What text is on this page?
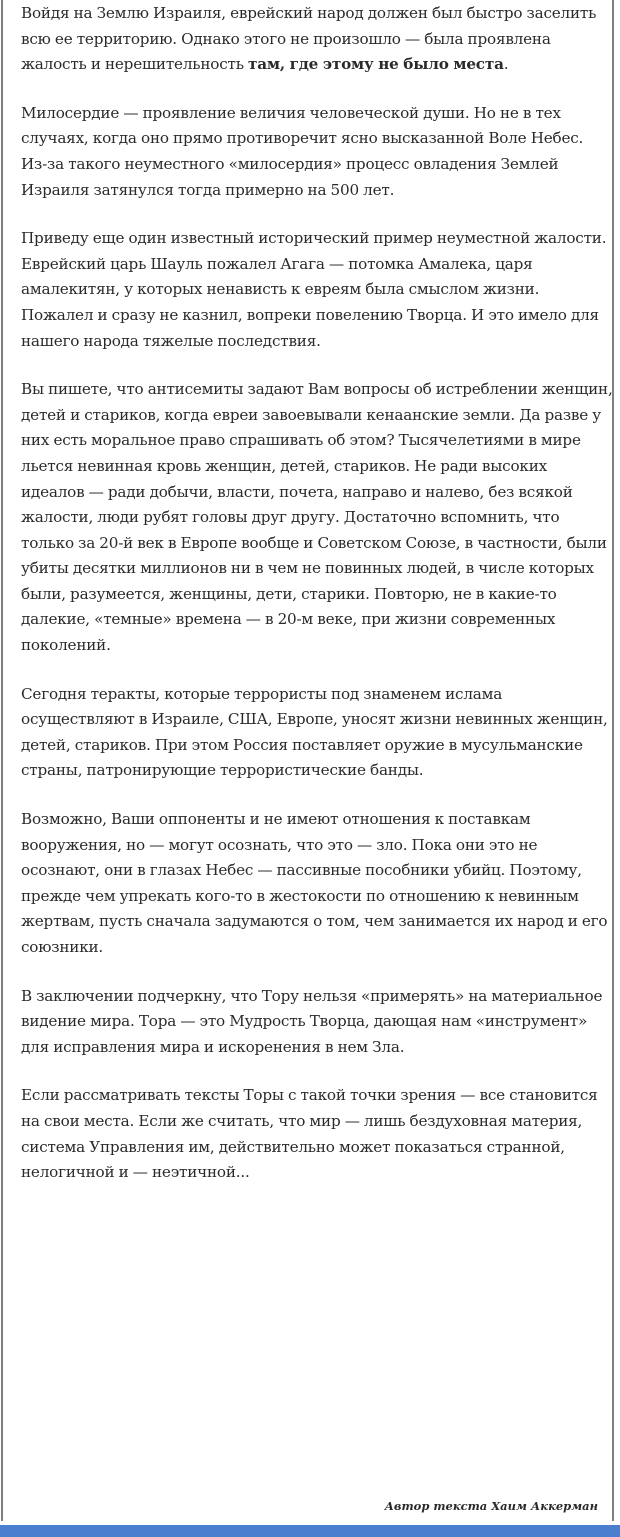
Войдя на Землю Израиля, еврейский народ должен был быстро заселить всю ее территорию. Однако этого не произошло — была проявлена жалость и нерешительность там, где этому не было места.

Милосердие — проявление величия человеческой души. Но не в тех случаях, когда оно прямо противоречит ясно высказанной Воле Небес. Из-за такого неуместного «милосердия» процесс овладения Землей Израиля затянулся тогда примерно на 500 лет.

Приведу еще один известный исторический пример неуместной жалости. Еврейский царь Шауль пожалел Агага — потомка Амалека, царя амалекитян, у которых ненависть к евреям была смыслом жизни. Пожалел и сразу не казнил, вопреки повелению Творца. И это имело для нашего народа тяжелые последствия.

Вы пишете, что антисемиты задают Вам вопросы об истреблении женщин, детей и стариков, когда евреи завоевывали кенаанские земли. Да разве у них есть моральное право спрашивать об этом? Тысячелетиями в мире льется невинная кровь женщин, детей, стариков. Не ради высоких идеалов — ради добычи, власти, почета, направо и налево, без всякой жалости, люди рубят головы друг другу. Достаточно вспомнить, что только за 20-й век в Европе вообще и Советском Союзе, в частности, были убиты десятки миллионов ни в чем не повинных людей, в числе которых были, разумеется, женщины, дети, старики. Повторю, не в какие-то далекие, «темные» времена — в 20-м веке, при жизни современных поколений.

Сегодня теракты, которые террористы под знаменем ислама осуществляют в Израиле, США, Европе, уносят жизни невинных женщин, детей, стариков. При этом Россия поставляет оружие в мусульманские страны, патронирующие террористические банды.

Возможно, Ваши оппоненты и не имеют отношения к поставкам вооружения, но — могут осознать, что это — зло. Пока они это не осознают, они в глазах Небес — пассивные пособники убийц. Поэтому, прежде чем упрекать кого-то в жестокости по отношению к невинным жертвам, пусть сначала задумаются о том, чем занимается их народ и его союзники.

В заключении подчеркну, что Тору нельзя «примерять» на материальное видение мира. Тора — это Мудрость Творца, дающая нам «инструмент» для исправления мира и искоренения в нем Зла.

Если рассматривать тексты Торы с такой точки зрения — все становится на свои места. Если же считать, что мир — лишь бездуховная материя, система Управления им, действительно может показаться странной, нелогичной и — неэтичной...

Автор текста Хаим Аккерман
